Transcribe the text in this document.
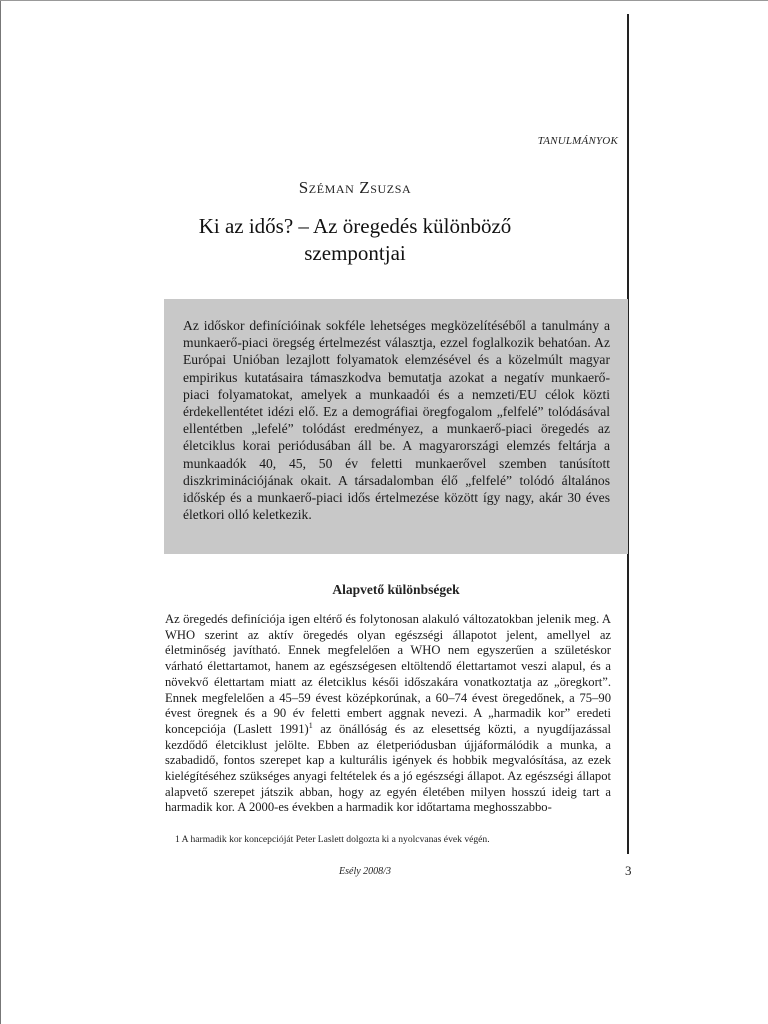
TANULMÁNYOK
Széman Zsuzsa
Ki az idős? – Az öregedés különböző szempontjai
Az időskor definícióinak sokféle lehetséges megközelítéséből a tanulmány a munkaerő-piaci öregség értelmezést választja, ezzel foglalkozik behatóan. Az Európai Unióban lezajlott folyamatok elemzésével és a közelmúlt magyar empirikus kutatásaira támaszkodva bemutatja azokat a negatív munkaerő-piaci folyamatokat, amelyek a munkaadói és a nemzeti/EU célok közti érdekellentétet idézi elő. Ez a demográfiai öregfogalom „felfelé” tolódásával ellentétben „lefelé” tolódást eredményez, a munkaerő-piaci öregedés az életciklus korai periódusában áll be. A magyarországi elemzés feltárja a munkaadók 40, 45, 50 év feletti munkaerővel szemben tanúsított diszkriminációjának okait. A társadalomban élő „felfelé” tolódó általános időskép és a munkaerő-piaci idős értelmezése között így nagy, akár 30 éves életkori olló keletkezik.
Alapvető különbségek
Az öregedés definíciója igen eltérő és folytonosan alakuló változatokban jelenik meg. A WHO szerint az aktív öregedés olyan egészségi állapotot jelent, amellyel az életminőség javítható. Ennek megfelelően a WHO nem egyszerűen a születéskor várható élettartamot, hanem az egészségesen eltöltendő élettartamot veszi alapul, és a növekvő élettartam miatt az életciklus késői időszakára vonatkoztatja az „öregkort”. Ennek megfelelően a 45–59 évest középkorúnak, a 60–74 évest öregedőnek, a 75–90 évest öregnek és a 90 év feletti embert aggnak nevezi. A „harmadik kor” eredeti koncepciója (Laslett 1991)$^1$ az önállóság és az elesettség közti, a nyugdíjazással kezdődő életciklust jelölte. Ebben az életperiódusban újjáformálódik a munka, a szabadidő, fontos szerepet kap a kulturális igények és hobbik megvalósítása, az ezek kielégítéséhez szükséges anyagi feltételek és a jó egészségi állapot. Az egészségi állapot alapvető szerepet játszik abban, hogy az egyén életében milyen hosszú ideig tart a harmadik kor. A 2000-es években a harmadik kor időtartama meghosszabbo-
1 A harmadik kor koncepcióját Peter Laslett dolgozta ki a nyolcvanas évek végén.
Esély 2008/3	3
